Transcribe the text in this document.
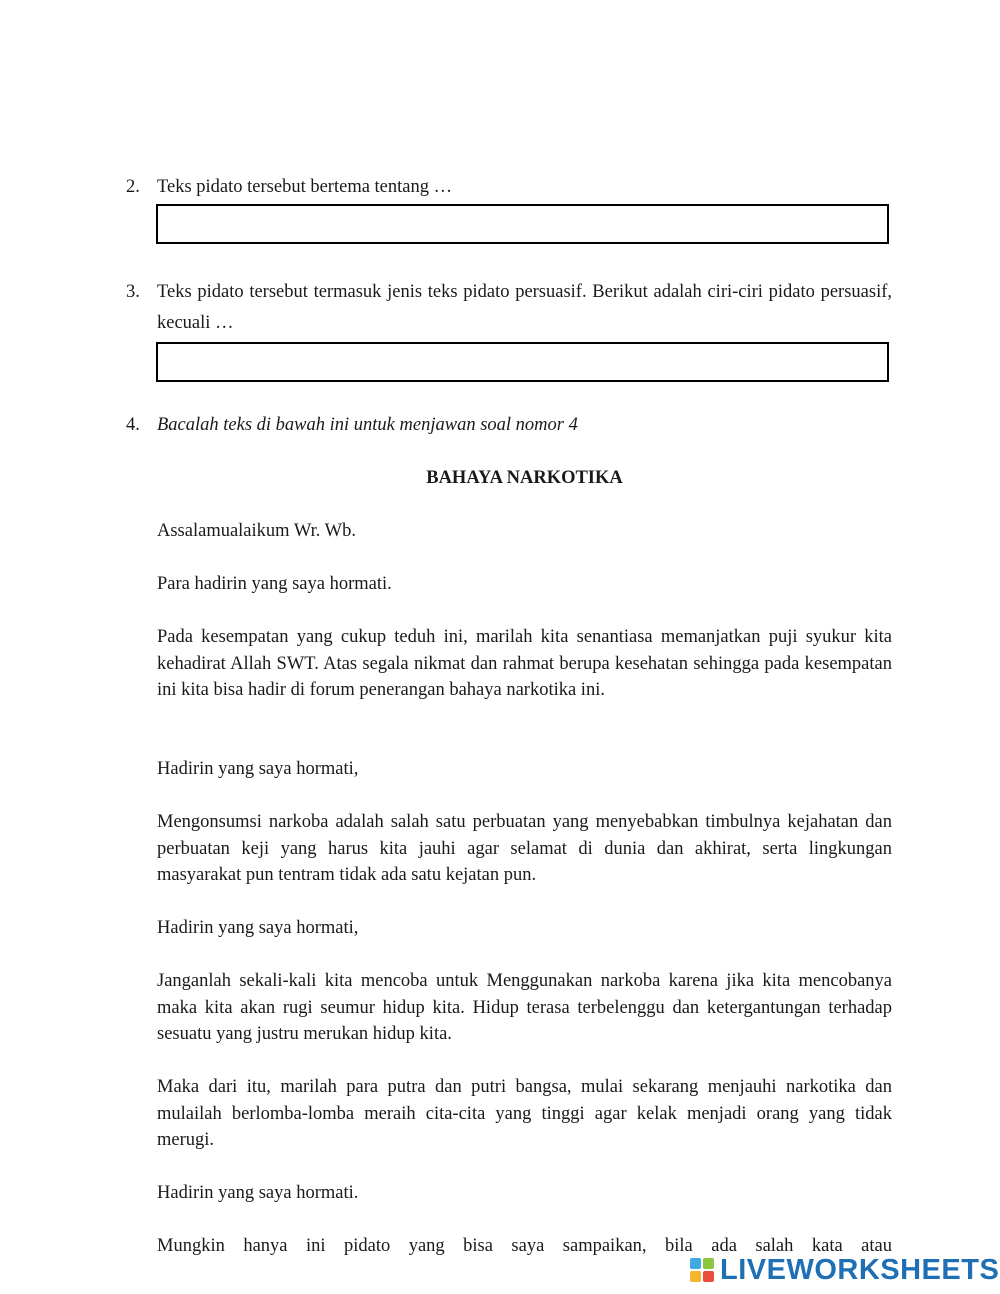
2. Teks pidato tersebut bertema tentang …
3. Teks pidato tersebut termasuk jenis teks pidato persuasif. Berikut adalah ciri-ciri pidato persuasif, kecuali …
4. Bacalah teks di bawah ini untuk menjawan soal nomor 4
BAHAYA NARKOTIKA
Assalamualaikum Wr. Wb.
Para hadirin yang saya hormati.
Pada kesempatan yang cukup teduh ini, marilah kita senantiasa memanjatkan puji syukur kita kehadirat Allah SWT. Atas segala nikmat dan rahmat berupa kesehatan sehingga pada kesempatan ini kita bisa hadir di forum penerangan bahaya narkotika ini.
Hadirin yang saya hormati,
Mengonsumsi narkoba adalah salah satu perbuatan yang menyebabkan timbulnya kejahatan dan perbuatan keji yang harus kita jauhi agar selamat di dunia dan akhirat, serta lingkungan masyarakat pun tentram tidak ada satu kejatan pun.
Hadirin yang saya hormati,
Janganlah sekali-kali kita mencoba untuk Menggunakan narkoba karena jika kita mencobanya maka kita akan rugi seumur hidup kita. Hidup terasa terbelenggu dan ketergantungan terhadap sesuatu yang justru merukan hidup kita.
Maka dari itu, marilah para putra dan putri bangsa, mulai sekarang menjauhi narkotika dan mulailah berlomba-lomba meraih cita-cita yang tinggi agar kelak menjadi orang yang tidak merugi.
Hadirin yang saya hormati.
Mungkin hanya ini pidato yang bisa saya sampaikan, bila ada salah kata atau
LIVEWORKSHEETS
